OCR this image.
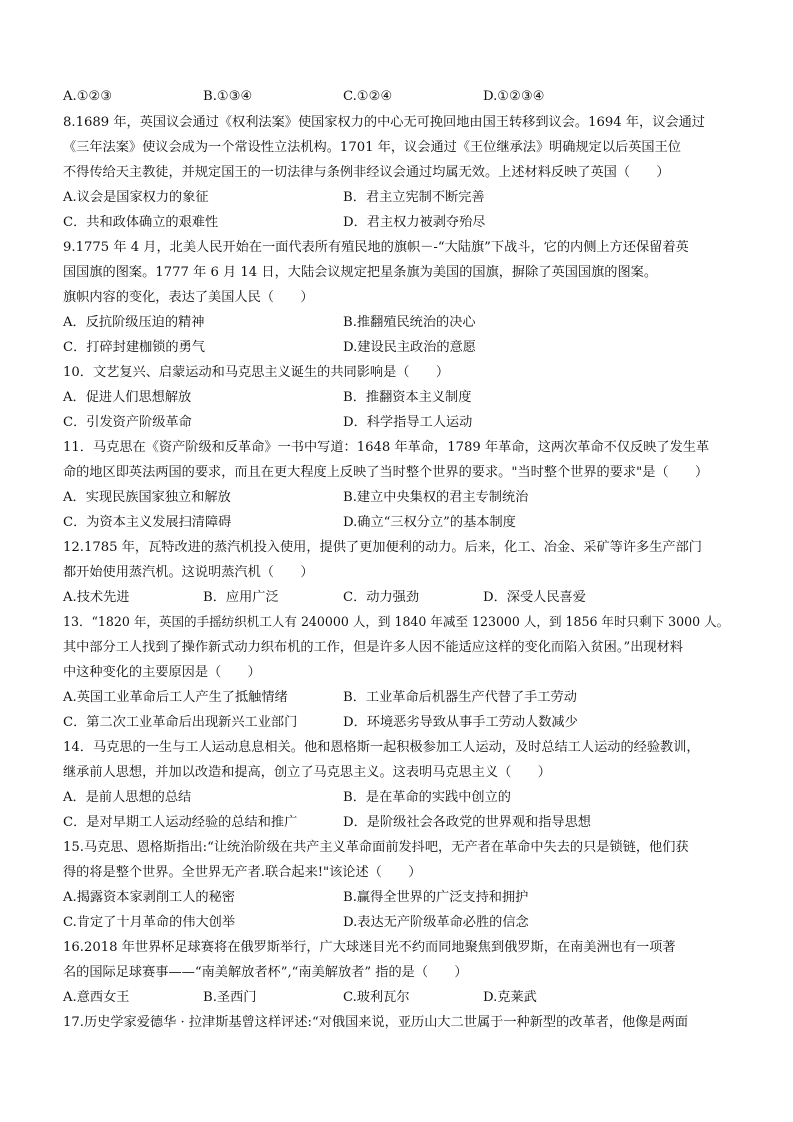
A.①②③	B.①③④	C.①②④	D.①②③④
8.1689 年，英国议会通过《权利法案》使国家权力的中心无可挽回地由国王转移到议会。1694 年，议会通过
《三年法案》使议会成为一个常设性立法机构。1701 年，议会通过《王位继承法》明确规定以后英国王位
不得传给天主教徒，并规定国王的一切法律与条例非经议会通过均属无效。上述材料反映了英国（　　）
A.议会是国家权力的象征	B．君主立宪制不断完善
C．共和政体确立的艰难性	D．君主权力被剥夺殆尽
9.1775 年 4 月，北美人民开始在一面代表所有殖民地的旗帜－-“大陆旗”下战斗，它的内侧上方还保留着英
国国旗的图案。1777 年 6 月 14 日，大陆会议规定把星条旗为美国的国旗，摒除了英国国旗的图案。
旗帜内容的变化，表达了美国人民（　　）
A．反抗阶级压迫的精神	B.推翻殖民统治的决心
C．打碎封建枷锁的勇气	D.建设民主政治的意愿
10．文艺复兴、启蒙运动和马克思主义诞生的共同影响是（　　）
A．促进人们思想解放	B．推翻资本主义制度
C．引发资产阶级革命	D．科学指导工人运动
11．马克思在《资产阶级和反革命》一书中写道：1648 年革命，1789 年革命，这两次革命不仅反映了发生革
命的地区即英法两国的要求，而且在更大程度上反映了当时整个世界的要求。"当时整个世界的要求"是（　　）
A．实现民族国家独立和解放	B.建立中央集权的君主专制统治
C．为资本主义发展扫清障碍	D.确立“三权分立”的基本制度
12.1785 年，瓦特改进的蒸汽机投入使用，提供了更加便利的动力。后来，化工、冶金、采矿等许多生产部门
都开始使用蒸汽机。这说明蒸汽机（　　）
A.技术先进	B．应用广泛	C．动力强劲	D．深受人民喜爱
13．“1820 年，英国的手摇纺织机工人有 240000 人，到 1840 年减至 123000 人，到 1856 年时只剩下 3000 人。
其中部分工人找到了操作新式动力织布机的工作，但是许多人因不能适应这样的变化而陷入贫困。”出现材料
中这种变化的主要原因是（　　）
A.英国工业革命后工人产生了抵触情绪	B．工业革命后机器生产代替了手工劳动
C．第二次工业革命后出现新兴工业部门	D．环境恶劣导致从事手工劳动人数减少
14．马克思的一生与工人运动息息相关。他和恩格斯一起积极参加工人运动，及时总结工人运动的经验教训，
继承前人思想，并加以改造和提高，创立了马克思主义。这表明马克思主义（　　）
A．是前人思想的总结	B．是在革命的实践中创立的
C．是对早期工人运动经验的总结和推广	D．是阶级社会各政党的世界观和指导思想
15.马克思、恩格斯指出:“让统治阶级在共产主义革命面前发抖吧，无产者在革命中失去的只是锁链，他们获
得的将是整个世界。全世界无产者.联合起来!"该论述（　　）
A.揭露资本家剥削工人的秘密	B.赢得全世界的广泛支持和拥护
C.肯定了十月革命的伟大创举	D.表达无产阶级革命必胜的信念
16.2018 年世界杯足球赛将在俄罗斯举行，广大球迷目光不约而同地聚焦到俄罗斯，在南美洲也有一项著
名的国际足球赛事——“南美解放者杯”,“南美解放者” 指的是（　　）
A.意西女王	B.圣西门	C.玻利瓦尔	D.克莱武
17.历史学家爱德华 · 拉津斯基曾这样评述:“对俄国来说，亚历山大二世属于一种新型的改革者，他像是两面
